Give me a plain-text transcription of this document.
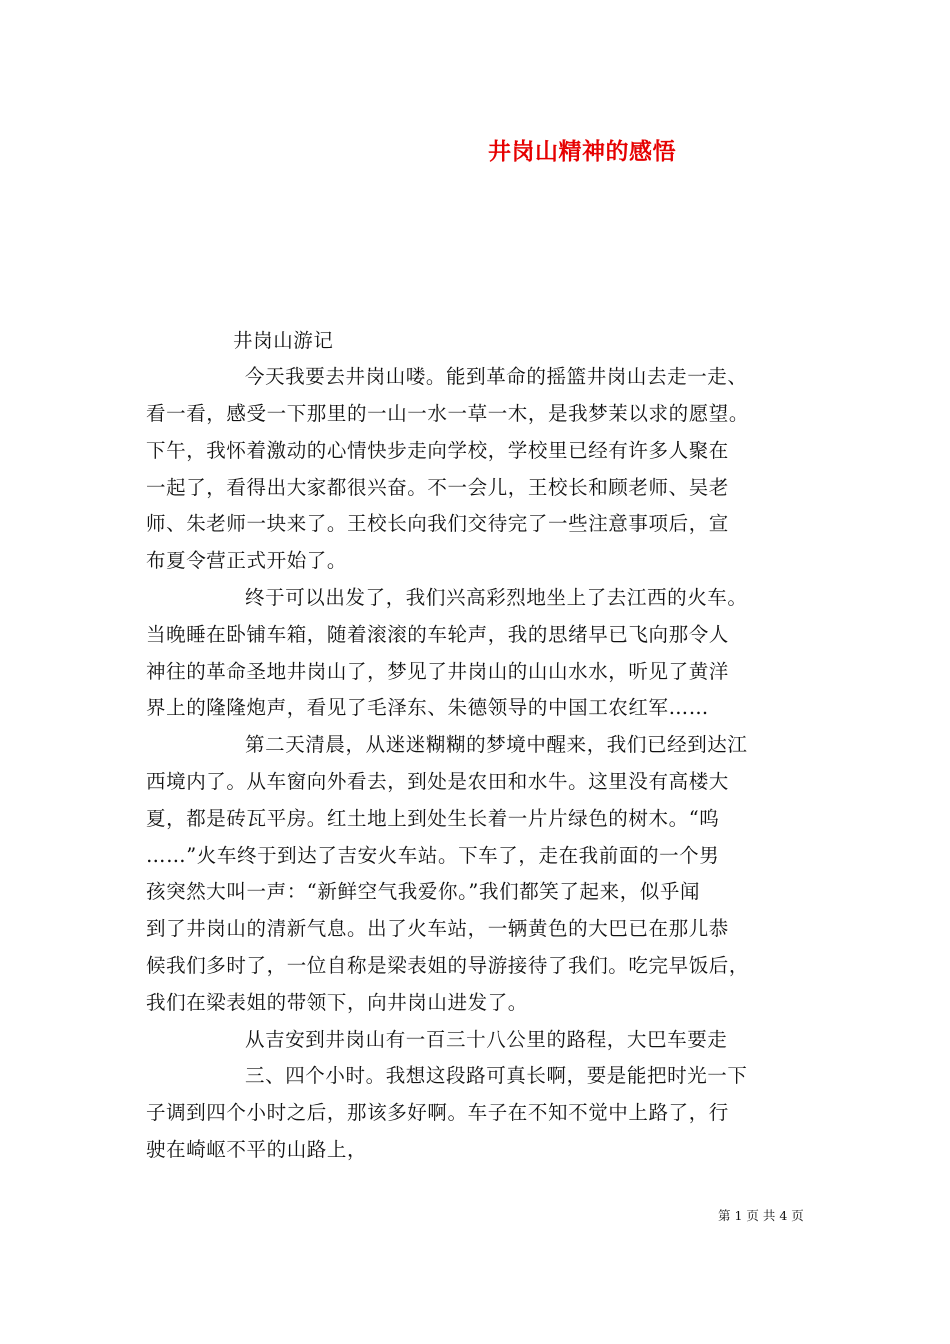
井岗山精神的感悟
井岗山游记
今天我要去井岗山喽。能到革命的摇篮井岗山去走一走、
看一看，感受一下那里的一山一水一草一木，是我梦茉以求的愿望。
下午，我怀着激动的心情快步走向学校，学校里已经有许多人聚在
一起了，看得出大家都很兴奋。不一会儿，王校长和顾老师、吴老
师、朱老师一块来了。王校长向我们交待完了一些注意事项后，宣
布夏令营正式开始了。
终于可以出发了，我们兴高彩烈地坐上了去江西的火车。
当晚睡在卧铺车箱，随着滚滚的车轮声，我的思绪早已飞向那令人
神往的革命圣地井岗山了，梦见了井岗山的山山水水，听见了黄洋
界上的隆隆炮声，看见了毛泽东、朱德领导的中国工农红军……
第二天清晨，从迷迷糊糊的梦境中醒来，我们已经到达江
西境内了。从车窗向外看去，到处是农田和水牛。这里没有高楼大
夏，都是砖瓦平房。红土地上到处生长着一片片绿色的树木。“呜
……”火车终于到达了吉安火车站。下车了，走在我前面的一个男
孩突然大叫一声：“新鲜空气我爱你。”我们都笑了起来，似乎闻
到了井岗山的清新气息。出了火车站，一辆黄色的大巴已在那儿恭
候我们多时了，一位自称是梁表姐的导游接待了我们。吃完早饭后，
我们在梁表姐的带领下，向井岗山进发了。
从吉安到井岗山有一百三十八公里的路程，大巴车要走
三、四个小时。我想这段路可真长啊，要是能把时光一下
子调到四个小时之后，那该多好啊。车子在不知不觉中上路了，行
驶在崎岖不平的山路上，
第 1 页 共 4 页
